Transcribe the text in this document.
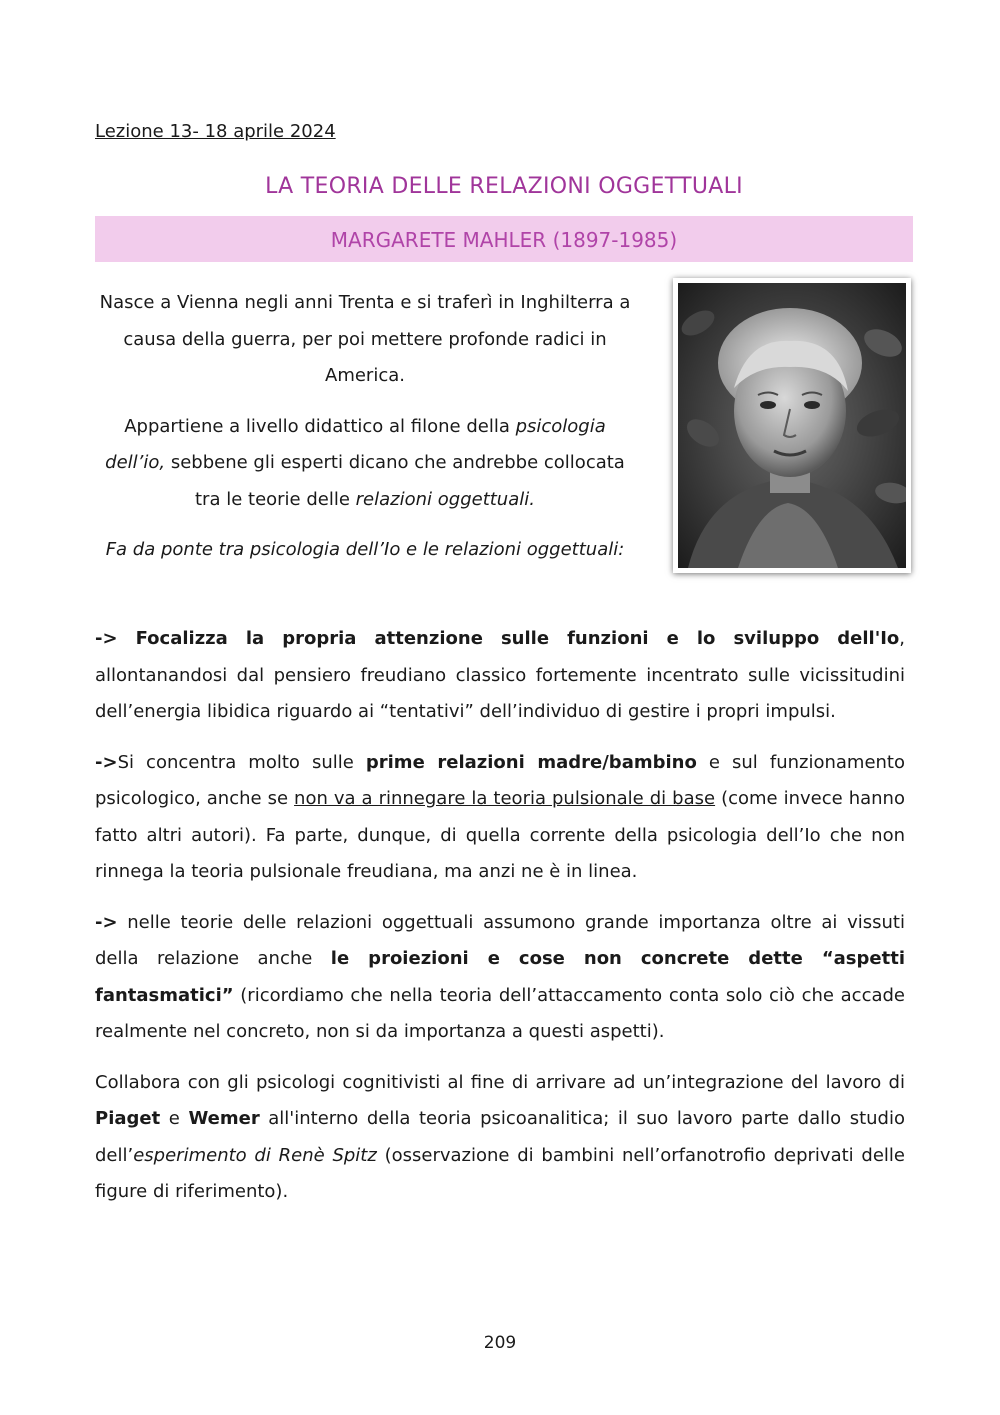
Lezione 13- 18 aprile 2024
LA TEORIA DELLE RELAZIONI OGGETTUALI
MARGARETE MAHLER (1897-1985)

Nasce a Vienna negli anni Trenta e si traferì in Inghilterra a causa della guerra, per poi mettere profonde radici in America.

Appartiene a livello didattico al filone della psicologia dell’io, sebbene gli esperti dicano che andrebbe collocata tra le teorie delle relazioni oggettuali.

Fa da ponte tra psicologia dell’Io e le relazioni oggettuali:

-> Focalizza la propria attenzione sulle funzioni e lo sviluppo dell'Io, allontanandosi dal pensiero freudiano classico fortemente incentrato sulle vicissitudini dell’energia libidica riguardo ai “tentativi” dell’individuo di gestire i propri impulsi.

->Si concentra molto sulle prime relazioni madre/bambino e sul funzionamento psicologico, anche se non va a rinnegare la teoria pulsionale di base (come invece hanno fatto altri autori). Fa parte, dunque, di quella corrente della psicologia dell’Io che non rinnega la teoria pulsionale freudiana, ma anzi ne è in linea.

-> nelle teorie delle relazioni oggettuali assumono grande importanza oltre ai vissuti della relazione anche le proiezioni e cose non concrete dette “aspetti fantasmatici” (ricordiamo che nella teoria dell’attaccamento conta solo ciò che accade realmente nel concreto, non si da importanza a questi aspetti).

Collabora con gli psicologi cognitivisti al fine di arrivare ad un’integrazione del lavoro di Piaget e Wemer all'interno della teoria psicoanalitica; il suo lavoro parte dallo studio dell’esperimento di Renè Spitz (osservazione di bambini nell’orfanotrofio deprivati delle figure di riferimento).

209
